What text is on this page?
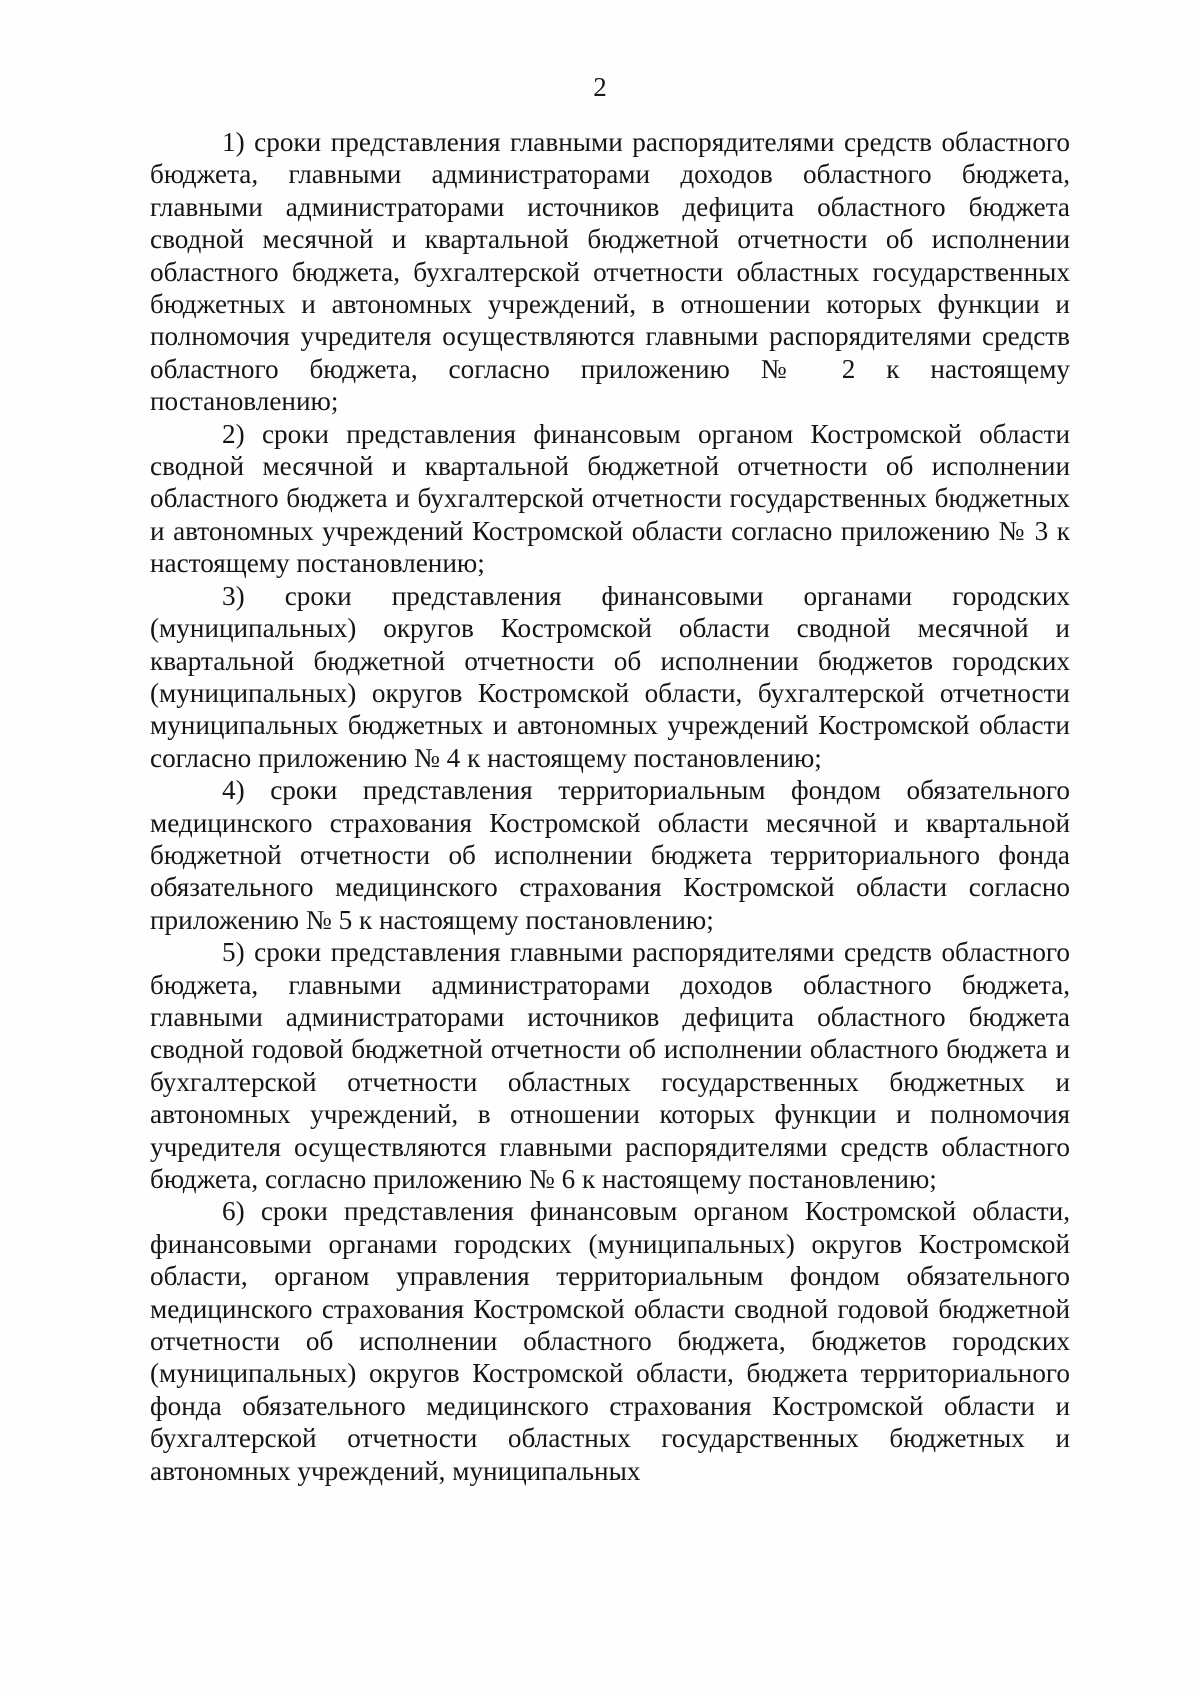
2

1) сроки представления главными распорядителями средств областного бюджета, главными администраторами доходов областного бюджета, главными администраторами источников дефицита областного бюджета сводной месячной и квартальной бюджетной отчетности об исполнении областного бюджета, бухгалтерской отчетности областных государственных бюджетных и автономных учреждений, в отношении которых функции и полномочия учредителя осуществляются главными распорядителями средств областного бюджета, согласно приложению № 2 к настоящему постановлению;

2) сроки представления финансовым органом Костромской области сводной месячной и квартальной бюджетной отчетности об исполнении областного бюджета и бухгалтерской отчетности государственных бюджетных и автономных учреждений Костромской области согласно приложению № 3 к настоящему постановлению;

3) сроки представления финансовыми органами городских (муниципальных) округов Костромской области сводной месячной и квартальной бюджетной отчетности об исполнении бюджетов городских (муниципальных) округов Костромской области, бухгалтерской отчетности муниципальных бюджетных и автономных учреждений Костромской области согласно приложению № 4 к настоящему постановлению;

4) сроки представления территориальным фондом обязательного медицинского страхования Костромской области месячной и квартальной бюджетной отчетности об исполнении бюджета территориального фонда обязательного медицинского страхования Костромской области согласно приложению № 5 к настоящему постановлению;

5) сроки представления главными распорядителями средств областного бюджета, главными администраторами доходов областного бюджета, главными администраторами источников дефицита областного бюджета сводной годовой бюджетной отчетности об исполнении областного бюджета и бухгалтерской отчетности областных государственных бюджетных и автономных учреждений, в отношении которых функции и полномочия учредителя осуществляются главными распорядителями средств областного бюджета, согласно приложению № 6 к настоящему постановлению;

6) сроки представления финансовым органом Костромской области, финансовыми органами городских (муниципальных) округов Костромской области, органом управления территориальным фондом обязательного медицинского страхования Костромской области сводной годовой бюджетной отчетности об исполнении областного бюджета, бюджетов городских (муниципальных) округов Костромской области, бюджета территориального фонда обязательного медицинского страхования Костромской области и бухгалтерской отчетности областных государственных бюджетных и автономных учреждений, муниципальных
